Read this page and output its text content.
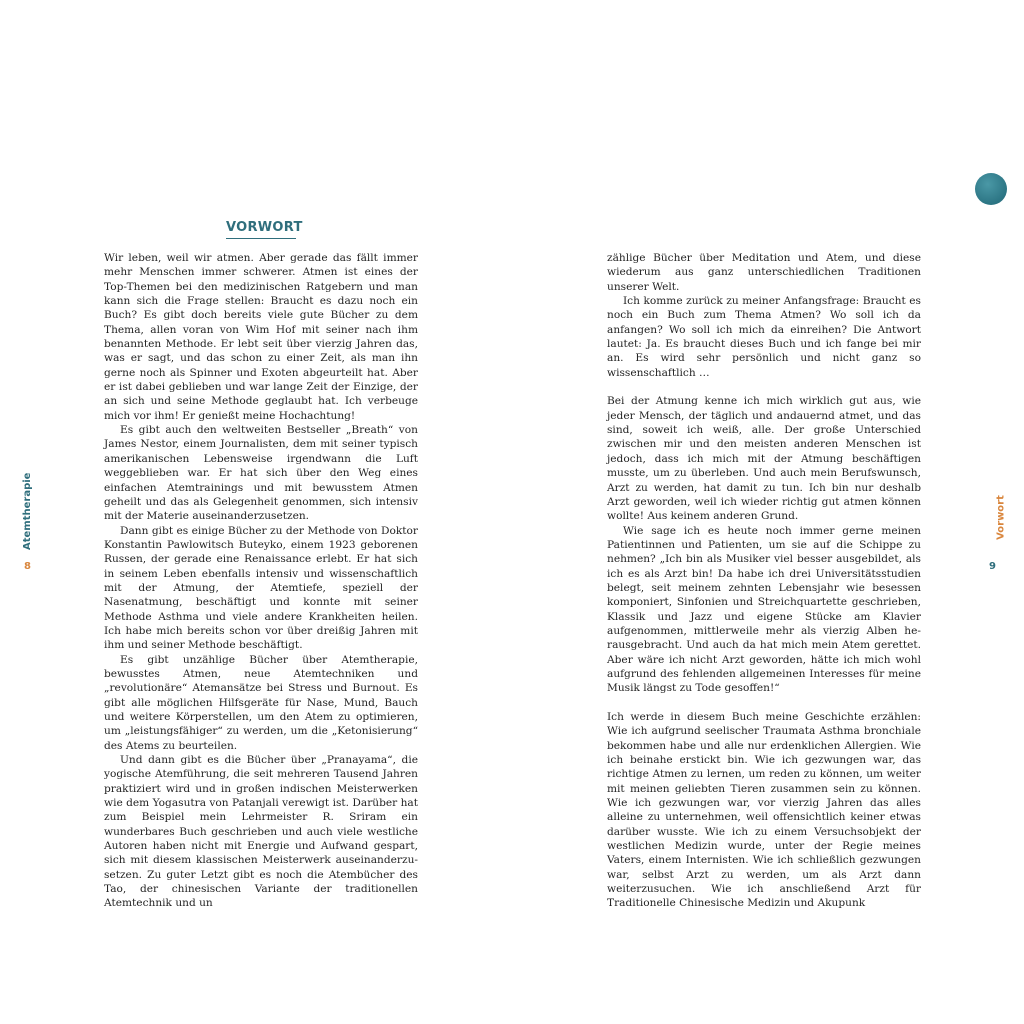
VORWORT

Wir leben, weil wir atmen. Aber gerade das fällt immer mehr Menschen immer schwerer. Atmen ist eines der Top-Themen bei den medizinischen Ratgebern und man kann sich die Frage stellen: Braucht es dazu noch ein Buch? Es gibt doch bereits viele gute Bücher zu dem Thema, allen voran von Wim Hof mit seiner nach ihm benannten Methode. Er lebt seit über vierzig Jahren das, was er sagt, und das schon zu einer Zeit, als man ihn gerne noch als Spinner und Exoten abgeurteilt hat. Aber er ist dabei geblieben und war lange Zeit der Einzige, der an sich und seine Methode geglaubt hat. Ich verbeuge mich vor ihm! Er genießt meine Hochachtung!

Es gibt auch den weltweiten Bestseller „Breath“ von James Nestor, einem Journalisten, dem mit seiner typisch amerikanischen Lebensweise irgendwann die Luft weggeblieben war. Er hat sich über den Weg eines einfachen Atemtrainings und mit bewusstem Atmen geheilt und das als Gelegenheit genommen, sich intensiv mit der Materie auseinanderzusetzen.

Dann gibt es einige Bücher zu der Methode von Doktor Konstantin Pawlowitsch Buteyko, einem 1923 geborenen Russen, der gerade eine Renaissance erlebt. Er hat sich in seinem Leben ebenfalls intensiv und wissenschaftlich mit der Atmung, der Atemtiefe, speziell der Nasenatmung, beschäftigt und konnte mit seiner Methode Asthma und viele andere Krankheiten heilen. Ich habe mich bereits schon vor über dreißig Jahren mit ihm und seiner Methode beschäftigt.

Es gibt unzählige Bücher über Atemtherapie, bewusstes Atmen, neue Atemtechniken und „revolutionäre“ Atemansätze bei Stress und Burnout. Es gibt alle möglichen Hilfsgeräte für Nase, Mund, Bauch und weitere Körperstellen, um den Atem zu optimieren, um „leistungsfähiger“ zu werden, um die „Ketonisierung“ des Atems zu beurteilen.

Und dann gibt es die Bücher über „Pranayama“, die yogische Atemführung, die seit mehreren Tausend Jahren praktiziert wird und in großen indischen Meisterwerken wie dem Yogasutra von Patanjali verewigt ist. Darüber hat zum Beispiel mein Lehrmeister R. Sriram ein wunderbares Buch geschrieben und auch viele westliche Autoren haben nicht mit Energie und Aufwand gespart, sich mit diesem klassischen Meisterwerk auseinanderzusetzen. Zu guter Letzt gibt es noch die Atembücher des Tao, der chinesischen Variante der traditionellen Atemtechnik und un

zählige Bücher über Meditation und Atem, und diese wiederum aus ganz unterschiedlichen Traditionen unserer Welt.

Ich komme zurück zu meiner Anfangsfrage: Braucht es noch ein Buch zum Thema Atmen? Wo soll ich da anfangen? Wo soll ich mich da einreihen? Die Antwort lautet: Ja. Es braucht dieses Buch und ich fange bei mir an. Es wird sehr persönlich und nicht ganz so wissenschaftlich …

Bei der Atmung kenne ich mich wirklich gut aus, wie jeder Mensch, der täglich und andauernd atmet, und das sind, soweit ich weiß, alle. Der große Unterschied zwischen mir und den meisten anderen Menschen ist jedoch, dass ich mich mit der Atmung beschäftigen musste, um zu überleben. Und auch mein Berufswunsch, Arzt zu werden, hat damit zu tun. Ich bin nur deshalb Arzt geworden, weil ich wieder richtig gut atmen können wollte! Aus keinem anderen Grund.

Wie sage ich es heute noch immer gerne meinen Patientinnen und Patienten, um sie auf die Schippe zu nehmen? „Ich bin als Musiker viel besser ausgebildet, als ich es als Arzt bin! Da habe ich drei Universitätsstudien belegt, seit meinem zehnten Lebensjahr wie besessen komponiert, Sinfonien und Streichquartette geschrieben, Klassik und Jazz und eigene Stücke am Klavier aufgenommen, mittlerweile mehr als vierzig Alben herausgebracht. Und auch da hat mich mein Atem gerettet. Aber wäre ich nicht Arzt geworden, hätte ich mich wohl aufgrund des fehlenden allgemeinen Interesses für meine Musik längst zu Tode gesoffen!“

Ich werde in diesem Buch meine Geschichte erzählen: Wie ich aufgrund seelischer Traumata Asthma bronchiale bekommen habe und alle nur erdenklichen Allergien. Wie ich beinahe erstickt bin. Wie ich gezwungen war, das richtige Atmen zu lernen, um reden zu können, um weiter mit meinen geliebten Tieren zusammen sein zu können. Wie ich gezwungen war, vor vierzig Jahren das alles alleine zu unternehmen, weil offensichtlich keiner etwas darüber wusste. Wie ich zu einem Versuchsobjekt der westlichen Medizin wurde, unter der Regie meines Vaters, einem Internisten. Wie ich schließlich gezwungen war, selbst Arzt zu werden, um als Arzt dann weiterzusuchen. Wie ich anschließend Arzt für Traditionelle Chinesische Medizin und Akupunk

Atemtherapie
8
Vorwort
9
